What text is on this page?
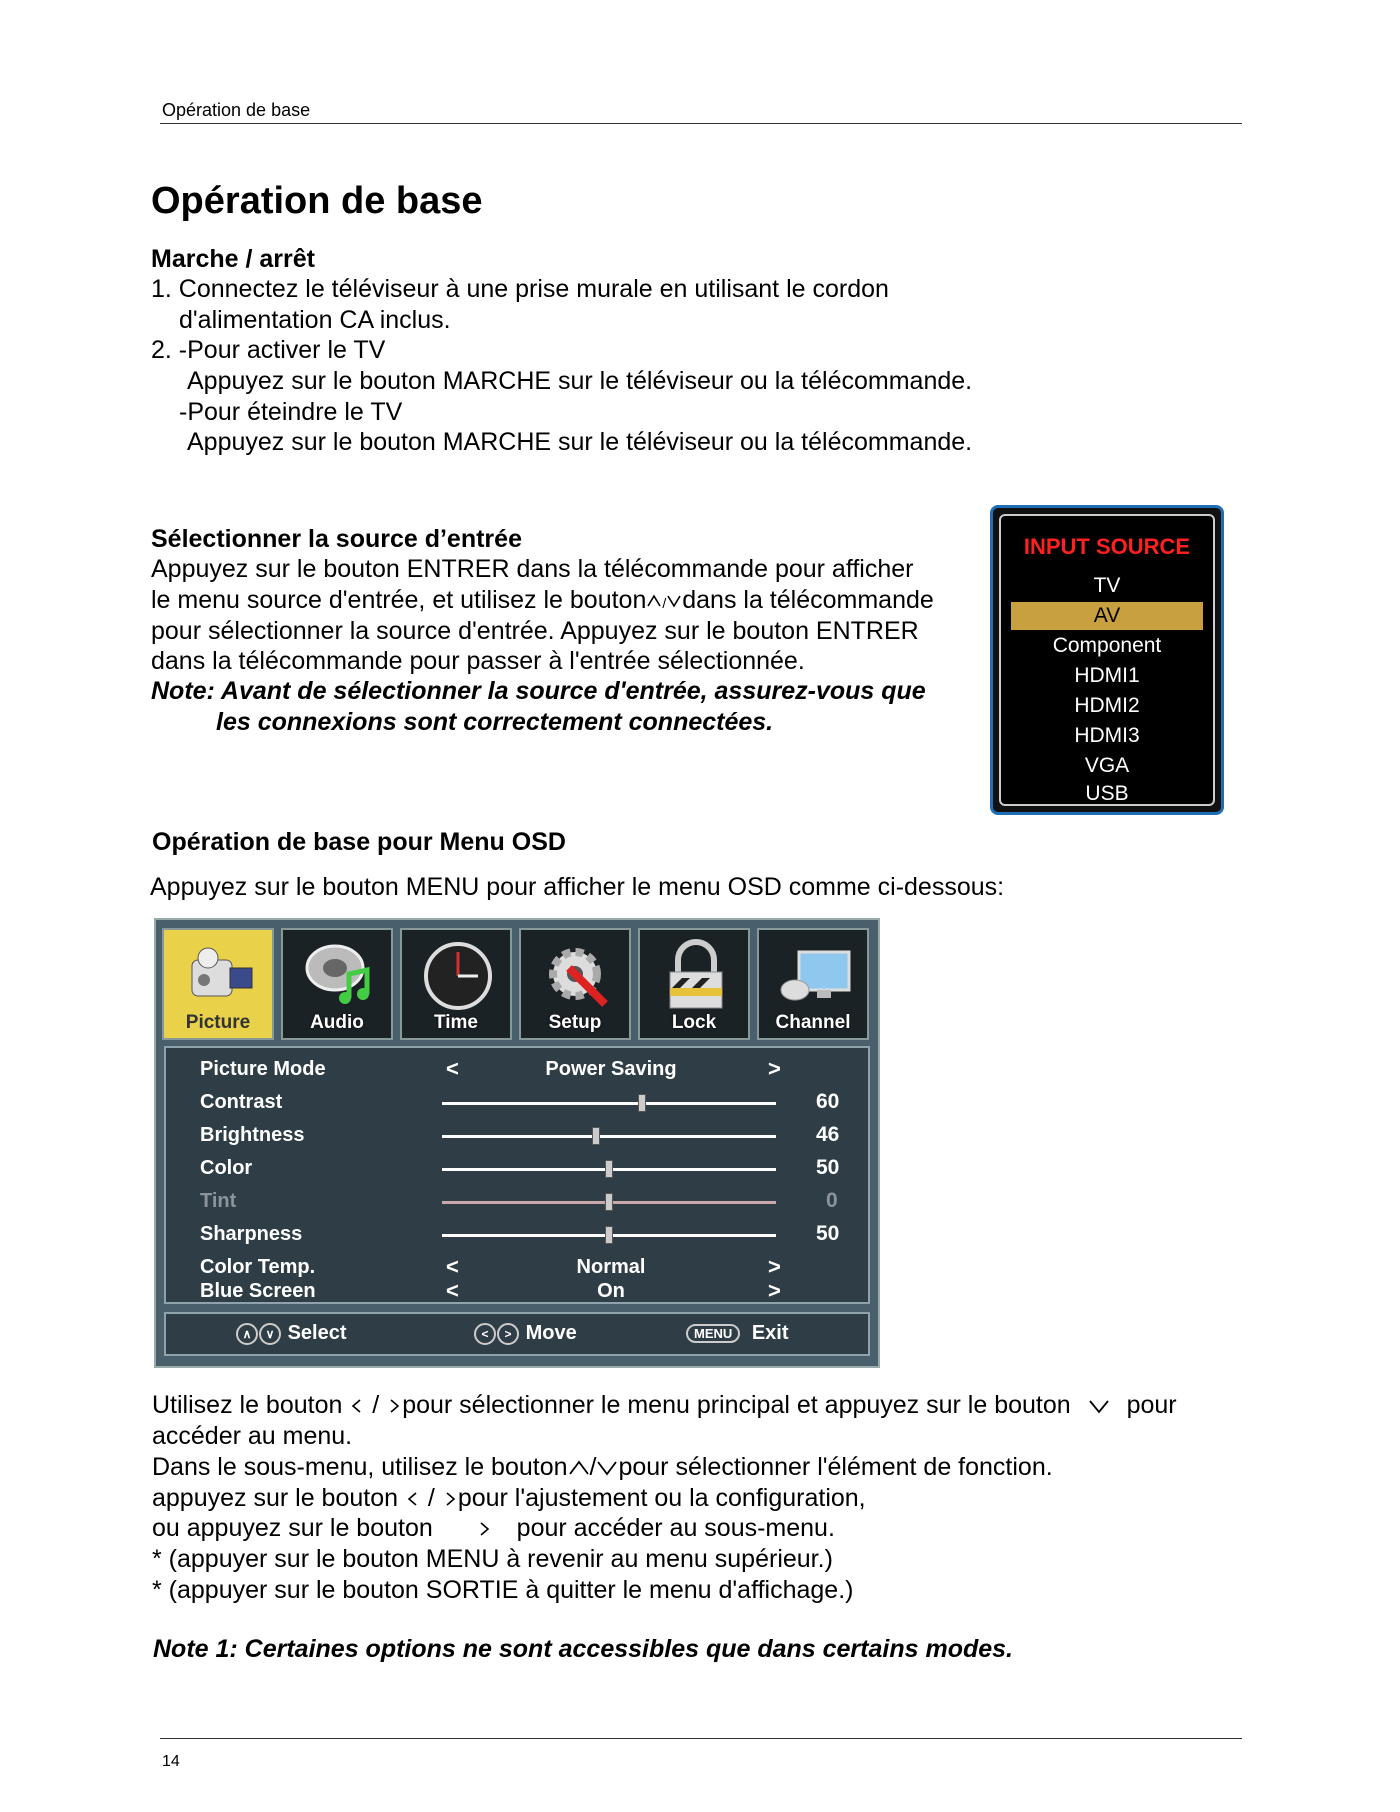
Opération de base
Opération de base
Marche / arrêt
1. Connectez le téléviseur à une prise murale en utilisant le cordon
d'alimentation CA inclus.
2. -Pour activer le TV
Appuyez sur le bouton MARCHE sur le téléviseur ou la télécommande.
-Pour éteindre le TV
Appuyez sur le bouton MARCHE sur le téléviseur ou la télécommande.
Sélectionner la source d’entrée
Appuyez sur le bouton ENTRER dans la télécommande pour afficher
le menu source d'entrée, et utilisez le bouton / dans la télécommande
pour sélectionner la source d'entrée. Appuyez sur le bouton ENTRER
dans la télécommande pour passer à l'entrée sélectionnée.
Note: Avant de sélectionner la source d'entrée, assurez-vous que
les connexions sont correctement connectées.
INPUT SOURCE
TV
AV
Component
HDMI1
HDMI2
HDMI3
VGA
USB
Opération de base pour Menu OSD
Appuyez sur le bouton MENU pour afficher le menu OSD comme ci-dessous:
Picture	Audio	Time	Setup	Lock	Channel
Picture Mode	<	Power Saving	>
Contrast	60
Brightness	46
Color	50
Tint	0
Sharpness	50
Color Temp.	<	Normal	>
Blue Screen	<	On	>
∧ ∨ Select	< > Move	MENU Exit
Utilisez le bouton / pour sélectionner le menu principal et appuyez sur le bouton pour
accéder au menu.
Dans le sous-menu, utilisez le bouton / pour sélectionner l'élément de fonction.
appuyez sur le bouton / pour l'ajustement ou la configuration,
ou appuyez sur le bouton	pour accéder au sous-menu.
* (appuyer sur le bouton MENU à revenir au menu supérieur.)
* (appuyer sur le bouton SORTIE à quitter le menu d'affichage.)
Note 1: Certaines options ne sont accessibles que dans certains modes.
14
